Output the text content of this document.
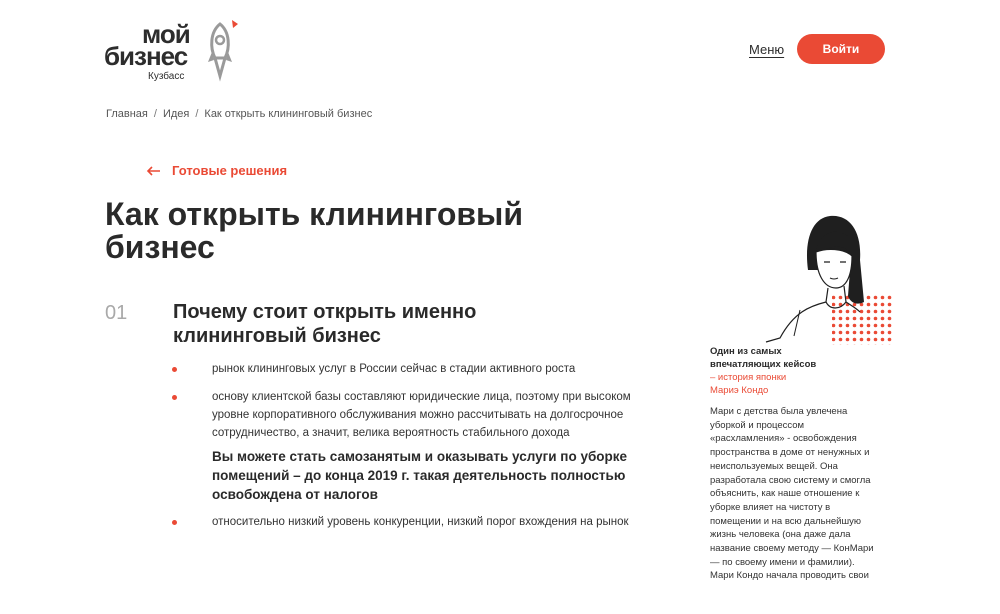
мой
бизнес
Кузбасс
Меню	Войти
Главная / Идея / Как открыть клининговый бизнес
Готовые решения
Как открыть клининговый бизнес
01 Почему стоит открыть именно клининговый бизнес
рынок клининговых услуг в России сейчас в стадии активного роста
основу клиентской базы составляют юридические лица, поэтому при высоком уровне корпоративного обслуживания можно рассчитывать на долгосрочное сотрудничество, а значит, велика вероятность стабильного дохода
относительно низкий уровень конкуренции, низкий порог вхождения на рынок

Вы можете стать самозанятым и оказывать услуги по уборке помещений – до конца 2019 г. такая деятельность полностью освобождена от налогов

Один из самых
впечатляющих кейсов
– история японки
Мариэ Кондо

Мари с детства была увлечена уборкой и процессом «расхламления» - освобождения пространства в доме от ненужных и неиспользуемых вещей. Она разработала свою систему и смогла объяснить, как наше отношение к уборке влияет на чистоту в помещении и на всю дальнейшую жизнь человека (она даже дала название своему методу — КонМари — по своему имени и фамилии). Мари Кондо начала проводить свои
